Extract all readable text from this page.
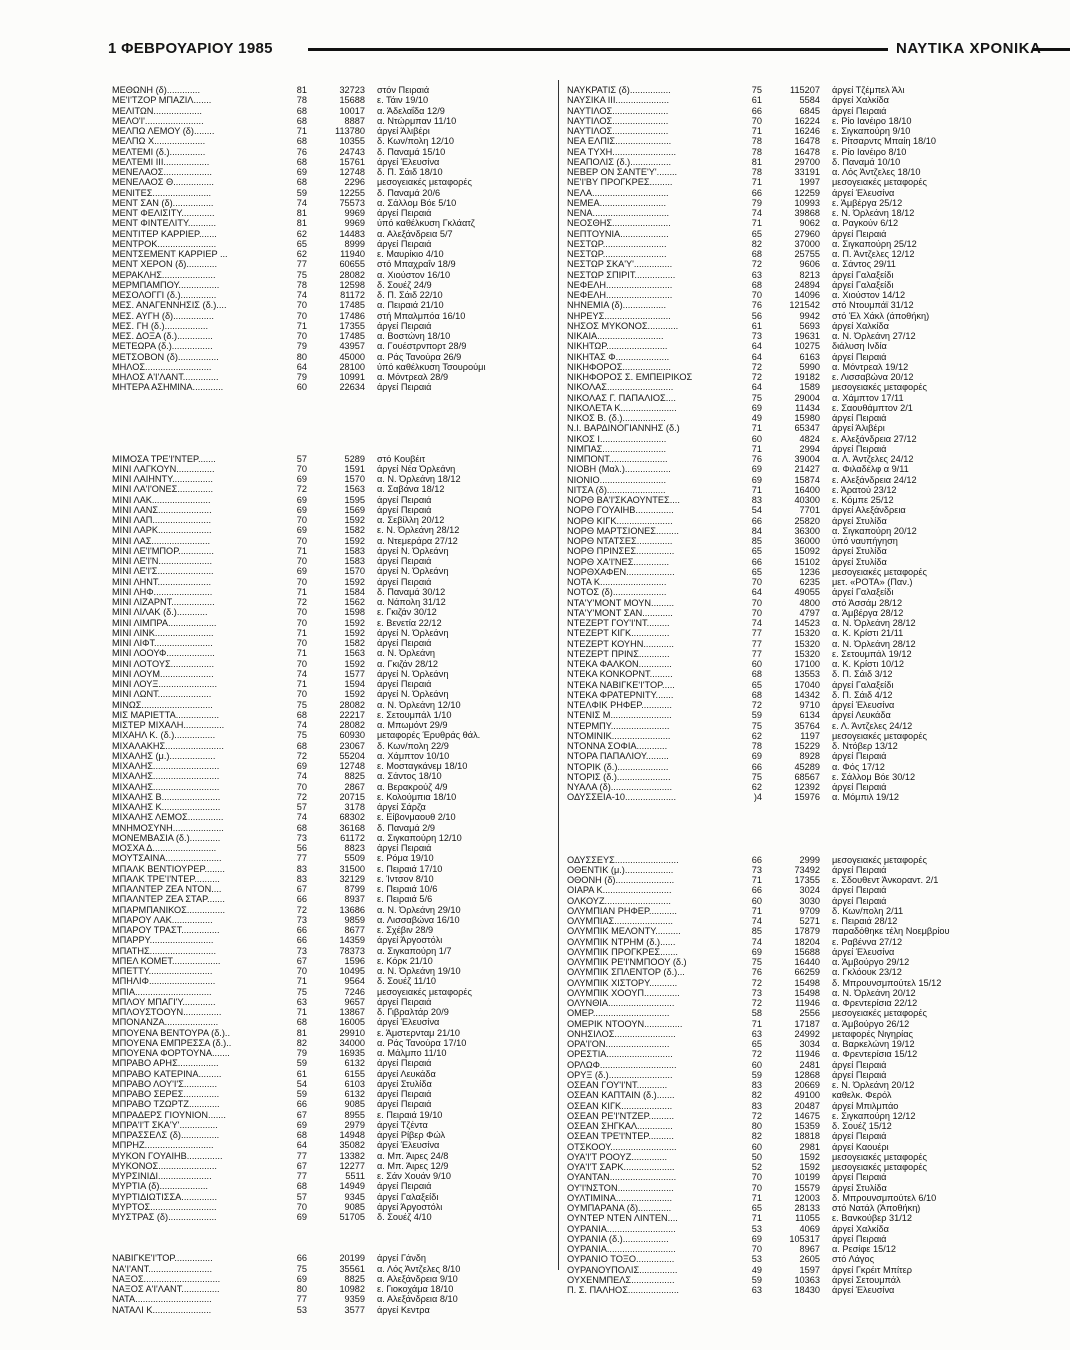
1 ΦΕΒΡΟΥΑΡΙΟΥ 1985	ΝΑΥΤΙΚΑ ΧΡΟΝΙΚΑ
ΜΕΘΩΝΗ (δ).............	81	32723 στόν Πειραιά
ΜΕ'Ι'ΤΖΟΡ ΜΠΑΖΙΛ.......	78	15688 ε. Τάιν 19/10
ΜΕΛΙΤΩΝ...................	68	10017 α. Άδελαΐδα 12/9
ΜΕΛΟ'Ι'.......................	68	8887 α. Ντώρμπαν 11/10
ΜΕΛΠΩ ΛΕΜΟΥ (δ)........	71	113780 άργεί Άλιβέρι
ΜΕΛΠΩ Χ....................	68	10355 δ. Κων/πολη 12/10
ΜΕΛΤΕΜΙ (δ.)..............	76	24743 δ. Παναμά 15/10
ΜΕΛΤΕΜΙ ΙΙΙ..................	68	15761 άργεί Έλευσίνα
ΜΕΝΕΛΑΟΣ...................	69	12748 δ. Π. Σάιδ 18/10
ΜΕΝΕΛΑΟΣ Θ................	68	2296 μεσογειακές μεταφορές
ΜΕΝΙΤΕΣ.......................	59	12255 δ. Παναμά 20/6
ΜΕΝΤ ΣΑΝ (δ)................	74	75573 α. Σάλλομ Βόε 5/10
ΜΕΝΤ ΦΕΛΙΣΙΤΥ.............	81	9969 άργεί Πειραιά
ΜΕΝΤ ΦΙΝΤΕΛΙΤΥ...........	81	9969 ύπό καθέλκυση Γκλάατζ
ΜΕΝΤΙΤΕΡ ΚΑΡΡΙΕΡ.......	62	14483 α. Αλεξάνδρεια 5/7
ΜΕΝΤΡΟΚ.......................	65	8999 άργεί Πειραιά
ΜΕΝΤΣΕΜΕΝΤ ΚΑΡΡΙΕΡ ...	62	11940 ε. Μαυρίκιο 4/10
ΜΕΝΤ ΧΕΡΟΝ (δ)............	77	60655 στό Μπαχραΐν 18/9
ΜΕΡΑΚΛΗΣ.....................	75	28082 α. Χιούστον 16/10
ΜΕΡΜΠΑΜΠΟΥ................	78	12598 δ. Σουέζ 24/9
ΜΕΣΟΛΟΓΓΙ (δ.)..............	74	81172 δ. Π. Σάιδ 22/10
ΜΕΣ. ΑΝΑΓΕΝΝΗΣΙΣ (δ.)....	70	17485 α. Πειραιά 21/10
ΜΕΣ. ΑΥΓΗ (δ)................	70	17486 στή Μπαλμπόα 16/10
ΜΕΣ. ΓΗ (δ.).................	71	17355 άργεί Πειραιά
ΜΕΣ. ΔΟΞΑ (δ.)..............	70	17485 α. Βοστώνη 18/10
ΜΕΤΕΩΡΑ (δ.)................	79	43957 α. Γουέστρνπορτ 28/9
ΜΕΤΣΟΒΟΝ (δ)................	80	45000 α. Ράς Τανούρα 26/9
ΜΗΛΟΣ..........................	64	28100 ύπό καθέλκυση Τσουρούμι
ΜΗΛΟΣ Α'Ι'ΛΑΝΤ..............	79	10991 α. Μόντρεαλ 28/9
ΜΗΤΕΡΑ ΑΣΗΜΙΝΑ............	60	22634 άργεί Πειραιά
ΜΙΜΟΣΑ ΤΡΕ'Ι'ΝΤΕΡ.......	57	5289 στό Κουβέιτ
ΜΙΝΙ ΛΑΓΚΟΥΝ...............	70	1591 άργεί Νέα Όρλεάνη
ΜΙΝΙ ΛΑΙΗΝΤΥ................	69	1570 α. Ν. Όρλεάνη 18/12
ΜΙΝΙ ΛΑ'Ι'ΟΝΕΣ..............	72	1563 α. Σαβάνα 18/12
ΜΙΝΙ ΛΑΚ.......................	69	1595 άργεί Πειραιά
ΜΙΝΙ ΛΑΝΣ.....................	69	1569 άργεί Πειραιά
ΜΙΝΙ ΛΑΠ.......................	70	1592 α. Σεβίλλη 20/12
ΜΙΝΙ ΛΑΡΚ.....................	69	1582 ε. Ν. Όρλεάνη 28/12
ΜΙΝΙ ΛΑΣ.......................	70	1592 α. Ντεμεράρα 27/12
ΜΙΝΙ ΛΕ'Ι'ΜΠΟΡ..............	71	1583 άργεί Ν. Όρλεάνη
ΜΙΝΙ ΛΕ'Ι'Ν.....................	70	1583 άργεί Πειραιά
ΜΙΝΙ ΛΕ'Ι'Σ......................	69	1570 άργεί Ν. Όρλεάνη
ΜΙΝΙ ΛΗΝΤ.....................	70	1592 άργεί Πειραιά
ΜΙΝΙ ΛΗΦ.......................	71	1584 δ. Παναμά 30/12
ΜΙΝΙ ΛΙΖΑΡΝΤ.................	72	1562 α. Νάπολη 31/12
ΜΙΝΙ ΛΙΛΑΚ (δ.)............	70	1598 ε. Γκιζάν 30/12
ΜΙΝΙ ΛΙΜΠΡΑ...................	70	1592 ε. Βενετία 22/12
ΜΙΝΙ ΛΙΝΚ.......................	71	1592 άργεί Ν. Όρλεάνη
ΜΙΝΙ ΛΙΦΤ.......................	70	1582 άργεί Πειραιά
ΜΙΝΙ ΛΟΟΥΦ...................	71	1563 α. Ν. Όρλεάνη
ΜΙΝΙ ΛΟΤΟΥΣ.................	70	1592 α. Γκιζάν 28/12
ΜΙΝΙ ΛΟΥΜ.....................	74	1577 άργεί Ν. Όρλεάνη
ΜΙΝΙ ΛΟΥΞ.......................	71	1594 άργεί Πειραιά
ΜΙΝΙ ΛΩΝΤ.....................	70	1592 άργεί Ν. Όρλεάνη
ΜΙΝΩΣ............................	75	28082 α. Ν. Όρλεάνη 12/10
ΜΙΣ ΜΑΡΙΕΤΤΑ.................	68	22217 ε. Σετουμπάλ 1/10
ΜΙΣΤΕΡ ΜΙΧΑΛΗ................	74	28082 α. Μπωμόντ 29/9
ΜΙΧΑΗΛ Κ. (δ.)................	75	60930 μεταφορές Έρυθράς θάλ.
ΜΙΧΑΛΑΚΗΣ.......................	68	23067 δ. Κων/πολη 22/9
ΜΙΧΑΛΗΣ (μ.)..................	72	55204 α. Χάμπτον 10/10
ΜΙΧΑΛΗΣ..........................	69	12748 ε. Μοσταγκάνεμ 18/10
ΜΙΧΑΛΗΣ..........................	74	8825 α. Σάντος 18/10
ΜΙΧΑΛΗΣ..........................	70	2867 α. Βερακρούζ 4/9
ΜΙΧΑΛΗΣ Β.......................	72	20715 ε. Κολούμπια 18/10
ΜΙΧΑΛΗΣ Κ.......................	57	3178 άργεί Σάρζα
ΜΙΧΑΛΗΣ ΛΕΜΟΣ..............	74	68302 ε. Είβονμαουθ 2/10
ΜΝΗΜΟΣΥΝΗ....................	68	36168 δ. Παναμά 2/9
ΜΟΝΕΜΒΑΣΙΑ (δ.)............	73	61172 α. Σιγκαπούρη 12/10
ΜΟΣΧΑ Δ.........................	56	8823 άργεί Πειραιά
ΜΟΥΤΣΑΙΝΑ......................	77	5509 ε. Ρόμα 19/10
ΜΠΑΛΚ ΒΕΝΤΙΟΥΡΕΡ........	83	31500 ε. Πειραιά 17/10
ΜΠΑΛΚ ΤΡΕ'Ι'ΝΤΕΡ..........	83	32129 ε. Ίντσον 8/10
ΜΠΑΛΝΤΕΡ ΖΕΑ ΝΤΟΝ....	67	8799 ε. Πειραιά 10/6
ΜΠΑΛΝΤΕΡ ΖΕΑ ΣΤΑΡ.......	66	8937 ε. Πειραιά 5/6
ΜΠΑΡΜΠΑΝΙΚΟΣ...............	72	13686 α. Ν. Όρλεάνη 29/10
ΜΠΑΡΟΥ ΛΑΚ................	73	9859 α. Λισσαβώνα 16/10
ΜΠΑΡΟΥ ΤΡΑΣΤ...............	66	8677 ε. Σχέβιν 28/9
ΜΠΑΡΡΥ.........................	66	14359 άργεί Άργοστόλι
ΜΠΑΤΗΣ..........................	73	78373 α. Σιγκαπούρη 1/7
ΜΠΕΛ ΚΟΜΕΤ...................	67	1596 ε. Κόρκ 21/10
ΜΠΕΤΤΥ.........................	70	10495 α. Ν. Όρλεάνη 19/10
ΜΠΗΛΙΦ..........................	71	9564 δ. Σουέζ 11/10
ΜΠΙΑ..............................	75	7246 μεσογειακές μεταφορές
ΜΠΛΟΥ ΜΠΑΓΙ'Υ.............	63	9657 άργεί Πειραιά
ΜΠΛΟΥΣΤΟΟΥΝ...............	71	13867 δ. Γιβραλτάρ 20/9
ΜΠΟΝΑΝΖΑ.....................	68	16005 άργεί Έλευσίνα
ΜΠΟΥΕΝΑ ΒΕΝΤΟΥΡΑ (δ.)..	81	29910 ε. Άμστερνταμ 21/10
ΜΠΟΥΕΝΑ ΕΜΠΡΕΣΣΑ (δ.)..	82	34000 α. Ράς Τανούρα 17/10
ΜΠΟΥΕΝΑ ΦΟΡΤΟΥΝΑ.......	79	16935 α. Μάλμπο 11/10
ΜΠΡΑΒΟ ΑΡΗΣ................	59	6132 άργεί Πειραιά
ΜΠΡΑΒΟ ΚΑΤΕΡΙΝΑ.........	61	6155 άργεί Λευκάδα
ΜΠΡΑΒΟ ΛΟΥ'Ι'Σ.............	54	6103 άργεί Στυλίδα
ΜΠΡΑΒΟ ΣΕΡΕΣ..............	59	6132 άργεί Πειραιά
ΜΠΡΑΒΟ ΤΖΩΡΤΖ............	66	9085 άργεί Πειραιά
ΜΠΡΑΔΕΡΣ ΓΙΟΥΝΙΟΝ.......	67	8955 ε. Πειραιά 19/10
ΜΠΡΑ'Ι'Τ ΣΚΑ'Υ'...............	69	2979 άργεί Τζέντα
ΜΠΡΑΣΣΕΛΣ (δ)...............	68	14948 άργεί Ρίβερ Φώλ
ΜΠΡΗΖ...........................	64	35082 άργεί Έλευσίνα
ΜΥΚΟΝ ΓΟΥΑΙΗΒ..............	77	13382 α. Μπ. Άιρες 24/8
ΜΥΚΟΝΟΣ.......................	67	12277 α. Μπ. Άιρες 12/9
ΜΥΡΣΙΝΙΔΙ.....................	77	5511 ε. Σάν Χουάν 9/10
ΜΥΡΤΙΑ (δ)...................	68	14949 άργεί Πειραιά
ΜΥΡΤΙΔΙΩΤΙΣΣΑ..............	57	9345 άργεί Γαλαξείδι
ΜΥΡΤΟΣ..........................	70	9085 άργεί Άργοστόλι
ΜΥΣΤΡΑΣ (δ)...................	69	51705 δ. Σουέζ 4/10
ΝΑΒΙΓΚΕ'Ι'ΤΟΡ...............	66	20199 άργεί Γάνδη
ΝΑ'Ι'ΑΝΤ.........................	75	35561 α. Λός Άντζελες 8/10
ΝΑΞΟΣ..............................	69	8825 α. Αλεξάνδρεια 9/10
ΝΑΞΟΣ Α'Ι'ΛΑΝΤ...............	80	10982 ε. Γιοκοχάμα 18/10
ΝΑΤΑ..............................	77	9359 α. Αλεξάνδρεια 8/10
ΝΑΤΑΛΙ Κ.......................	53	3577 άργεί Κεντρα
ΝΑΥΚΡΑΤΙΣ (δ)................	75	115207 άργεί Τζέμπελ Άλι
ΝΑΥΣΙΚΑ ΙΙΙ.....................	61	5584 άργεί Χαλκίδα
ΝΑΥΤΙΛΟΣ......................	66	6845 άργεί Πειραιά
ΝΑΥΤΙΛΟΣ......................	70	16224 ε. Ρίο Ιανέιρο 18/10
ΝΑΥΤΙΛΟΣ......................	71	16246 ε. Σιγκαπούρη 9/10
ΝΕΑ ΕΛΠΙΣ......................	78	16478 ε. Ρίτσαρντς Μπαίη 18/10
ΝΕΑ ΤΥΧΗ.........................	78	16478 ε. Ρίο Ιανέιρο 8/10
ΝΕΑΠΟΛΙΣ (δ.)................	81	29700 δ. Παναμά 10/10
ΝΕΒΕΡ ΟΝ ΣΑΝΤΕ'Υ'........	78	33191 α. Λός Άντζελες 18/10
ΝΕ'Ι'ΒΥ ΠΡΟΓΚΡΕΣ.........	71	1997 μεσογειακές μεταφορές
ΝΕΛΑ..............................	66	12259 άργεί Έλευσίνα
ΝΕΜΕΑ..........................	79	10993 ε. Άμβέργα 25/12
ΝΕΝΑ..............................	74	39868 ε. Ν. Όρλεάνη 18/12
ΝΕΟΣΘΗΣ.......................	71	9062 α. Ραγκούν 6/12
ΝΕΠΤΟΥΝΙΑ...................	65	27960 άργεί Πειραιά
ΝΕΣΤΩΡ.........................	82	37000 α. Σιγκαπούρη 25/12
ΝΕΣΤΩΡ.........................	68	25755 α. Π. Άντζελες 12/12
ΝΕΣΤΩΡ ΣΚΑ'Υ'...............	72	9606 α. Σάντος 29/11
ΝΕΣΤΩΡ ΣΠΙΡΙΤ................	63	8213 άργεί Γαλαξείδι
ΝΕΦΕΛΗ..........................	68	24894 άργεί Γαλαξείδι
ΝΕΦΕΛΗ..........................	70	14096 α. Χιούστον 14/12
ΝΗΝΕΜΙΑ (δ).................	76	121542 στό Ντουμπάϊ 31/12
ΝΗΡΕΥΣ..........................	56	9942 στό Έλ Χάκλ (άποθήκη)
ΝΗΣΟΣ ΜΥΚΟΝΟΣ............	61	5693 άργεί Χαλκίδα
ΝΙΚΑΙΑ..........................	73	19631 α. Ν. Όρλεάνη 27/12
ΝΙΚΗΤΩΡ........................	64	10275 διάλυση Ινδία
ΝΙΚΗΤΑΣ Φ.....................	64	6163 άργεί Πειραιά
ΝΙΚΗΦΟΡΟΣ...................	72	5990 α. Μόντρεαλ 19/12
ΝΙΚΗΦΟΡΟΣ Σ. ΕΜΠΕΙΡΙΚΟΣ	72	19182 ε. Λισσαβώνα 20/12
ΝΙΚΟΛΑΣ..........................	64	1589 μεσογειακές μεταφορές
ΝΙΚΟΛΑΣ Γ. ΠΑΠΑΛΙΟΣ....	75	29004 α. Χάμπτον 17/11
ΝΙΚΟΛΕΤΑ Κ......................	69	11434 ε. Σαουθάμπτον 2/1
ΝΙΚΟΣ Β. (δ.).................	49	15980 άργεί Πειραιά
Ν.Ι. ΒΑΡΔΙΝΟΓΙΑΝΝΗΣ (δ.)	71	65347 άργεί Άλιβέρι
ΝΙΚΟΣ Ι..........................	60	4824 ε. Αλεξάνδρεια 27/12
ΝΙΜΠΑΣ.........................	71	2994 άργεί Πειραιά
ΝΙΜΠΟΝΤ.......................	76	39004 α. Λ. Άντζελες 24/12
ΝΙΟΒΗ (Μαλ.)..................	69	21427 α. Φιλαδέλφ α 9/11
ΝΙΟΝΙΟ..........................	69	15874 ε. Αλεξάνδρεια 24/12
ΝΙΤΣΑ (δ).......................	71	16400 ε. Άρατού 23/12
ΝΟΡΘ ΒΑ'Ι'ΣΚΑΟΥΝΤΕΣ....	83	40300 ε. Κόμπε 25/12
ΝΟΡΘ ΓΟΥΑΙΗΒ...............	54	7701 άργεί Αλεξάνδρεια
ΝΟΡΘ ΚΙΓΚ......................	66	25820 άργεί Στυλίδα
ΝΟΡΘ ΜΑΡΤΣΙΟΝΕΣ.........	84	36300 α. Σιγκαπούρη 20/12
ΝΟΡΘ ΝΤΑΤΣΕΣ..............	85	36000 ύπό ναυπήγηση
ΝΟΡΘ ΠΡΙΝΣΕΣ...............	65	15092 άργεί Στυλίδα
ΝΟΡΘ ΧΑ'Ι'ΝΕΣ..............	66	15102 άργεί Στυλίδα
ΝΟΡΘΧΑΦΕΝ...................	65	1236 μεσογειακές μεταφορές
ΝΟΤΑ Κ..........................	70	6235 μετ. «ΡΟΤΑ» (Παν.)
ΝΟΤΟΣ (δ).....................	64	49055 άργεί Γαλαξείδι
ΝΤΑ'Υ'ΜΟΝΤ ΜΟΥΝ.........	70	4800 στό Άσσάμ 28/12
ΝΤΑ'Υ'ΜΟΝΤ ΣΑΝ............	70	4797 α. Άμβέργα 28/12
ΝΤΕΖΕΡΤ ΓΟΥ'Ι'ΝΤ.........	74	14523 α. Ν. Όρλεάνη 28/12
ΝΤΕΖΕΡΤ ΚΙΓΚ...............	77	15320 α. Κ. Κρίστι 21/11
ΝΤΕΖΕΡΤ ΚΟΥΗΝ............	77	15320 α. Ν. Όρλεάνη 28/12
ΝΤΕΖΕΡΤ ΠΡΙΝΣ............	77	15320 ε. Σετουμπάλ 19/12
ΝΤΕΚΑ ΦΑΛΚΟΝ.............	60	17100 α. Κ. Κρίστι 10/12
ΝΤΕΚΑ ΚΟΝΚΟΡΝΤ.........	68	13553 δ. Π. Σάιδ 3/12
ΝΤΕΚΑ ΝΑΒΙΓΚΕ'Ι'ΤΟΡ.....	65	17040 άργεί Γαλαξείδι
ΝΤΕΚΑ ΦΡΑΤΕΡΝΙΤΥ.......	68	14342 δ. Π. Σάιδ 4/12
ΝΤΕΛΦΙΚ ΡΗΦΕΡ............	72	9710 άργεί Έλευσίνα
ΝΤΕΝΙΣ Μ........................	59	6134 άργεί Λευκάδα
ΝΤΕΡΜΠΥ.......................	75	35764 ε. Λ. Άντζελες 24/12
ΝΤΟΜΙΝΙΚ.......................	62	1197 μεσογειακές μεταφορές
ΝΤΟΝΝΑ ΣΟΦΙΑ............	78	15229 δ. Ντόβερ 13/12
ΝΤΟΡΑ ΠΑΠΑΛΙΟΥ.........	69	8928 άργεί Πειραιά
ΝΤΟΡΙΚ (δ.)....................	66	45289 α. Φός 17/12
ΝΤΟΡΙΣ (δ.).....................	75	68567 ε. Σάλλομ Βόε 30/12
ΝΥΑΛΑ (δ)........................	62	12392 άργεί Πειραιά
ΟΔΥΣΣΕΙΑ-10....................	)4	15976 α. Μόμπιλ 19/12
ΟΔΥΣΣΕΥΣ.........................	66	2999 μεσογειακές μεταφορές
ΟΘΕΝΤΙΚ (μ.)...................	73	73492 άργεί Πειραιά
ΟΘΟΝΗ (δ).......................	71	17355 ε. Σδουθεντ Άνκοραντ. 2/1
ΟΙΑΡΑ Κ...........................	66	3024 άργεί Πειραιά
ΟΛΚΟΥΖ..........................	60	3030 άργεί Πειραιά
ΟΛΥΜΠΙΑΝ ΡΗΦΕΡ...........	71	9709 δ. Κων/πολη 2/11
ΟΛΥΜΠΙΑΣ.......................	74	5271 ε. Πειραιά 28/12
ΟΛΥΜΠΙΚ ΜΕΛΟΝΤΥ..........	85	17879 παραδόθηκε τέλη Νοεμβρίου
ΟΛΥΜΠΙΚ ΝΤΡΗΜ (δ.)......	74	18204 ε. Ραβέννα 27/12
ΟΛΥΜΠΙΚ ΠΡΟΓΚΡΕΣ.......	69	15688 άργεί Έλευσίνα
ΟΛΥΜΠΙΚ ΡΕ'Ι'ΝΜΠΟΟΥ (δ.)	75	16440 α. Άμβούργο 29/12
ΟΛΥΜΠΙΚ ΣΠΛΕΝΤΟΡ (δ.)...	76	66259 α. Γκλόουκ 23/12
ΟΛΥΜΠΙΚ ΧΙΣΤΟΡΥ...........	72	15498 δ. Μπρουνσμπούτελ 15/12
ΟΛΥΜΠΙΚ ΧΟΟΥΠ..............	73	15498 α. Ν. Όρλεάνη 20/12
ΟΛΥΝΘΙΑ..........................	72	11946 α. Φρεντερίσια 22/12
ΟΜΕΡ..............................	58	2556 μεσογειακές μεταφορές
ΟΜΕΡΙΚ ΝΤΟΟΥΝ...............	71	17187 α. Άμβούργο 26/12
ΟΝΗΣΙΛΟΣ........................	63	24992 μεταφορές Νιγηρίας
ΟΡΑ'Ι'ΟΝ.........................	65	3034 α. Βαρκελώνη 19/12
ΟΡΕΣΤΙΑ..........................	72	11946 α. Φρεντερίσια 15/12
ΟΡΛΩΦ..............................	60	2481 άργεί Πειραιά
ΟΡΥΞ (δ.).........................	59	12868 άργεί Πειραιά
ΟΣΕΑΝ ΓΟΥ'Ι'ΝΤ............	83	20669 ε. Ν. Όρλεάνη 20/12
ΟΣΕΑΝ ΚΑΠΤΑΙΝ (δ.).......	82	49100 καθελκ. Φερόλ
ΟΣΕΑΝ ΚΙΓΚ....................	83	20487 άργεί Μπιλμπάο
ΟΣΕΑΝ ΡΕ'Ι'ΝΤΖΕΡ..........	72	14675 ε. Σιγκαπούρη 12/12
ΟΣΕΑΝ ΣΗΓΚΑΛ..............	80	15359 δ. Σουέζ 15/12
ΟΣΕΑΝ ΤΡΕ'Ι'ΝΤΕΡ..........	82	18818 άργεί Πειραιά
ΟΤΣΚΟΟΥ..........................	60	2981 άργεί Καουέρι
ΟΥΑ'Ι'Τ ΡΟΟΥΖ..............	50	1592 μεσογειακές μεταφορές
ΟΥΑ'Ι'Τ ΣΑΡΚ....................	52	1592 μεσογειακές μεταφορές
ΟΥΑΝΤΑΝ..........................	70	10199 άργεί Πειραιά
ΟΥ'Ι'ΝΣΤΟΝ......................	70	15579 άργεί Στυλίδα
ΟΥΛΤΙΜΙΝΑ......................	71	12003 δ. Μπρουνσμπούτελ 6/10
ΟΥΜΠΑΡΑΝΑ (δ).............	65	28133 στό Νατάλ (Άποθήκη)
ΟΥΝΤΕΡ ΝΤΕΝ ΛΙΝΤΕΝ....	71	11055 ε. Βανκούβερ 31/12
ΟΥΡΑΝΙΑ...........................	53	4069 άργεί Χαλκίδα
ΟΥΡΑΝΙΑ (δ.)..................	69	105317 άργεί Πειραιά
ΟΥΡΑΝΙΑ...........................	70	8967 α. Ρεσίφε 15/12
ΟΥΡΑΝΙΟ ΤΟΞΟ...............	53	2605 στό Λάγος
ΟΥΡΑΝΟΥΠΟΛΙΣ...............	49	1597 άργεί Γκρέιτ Μπίτερ
ΟΥΧΕΝΜΠΕΛΣ.................	59	10363 άργεί Σετουμπάλ
Π. Σ. ΠΑΛΗΟΣ....................	63	18430 άργεί Έλευσίνα
